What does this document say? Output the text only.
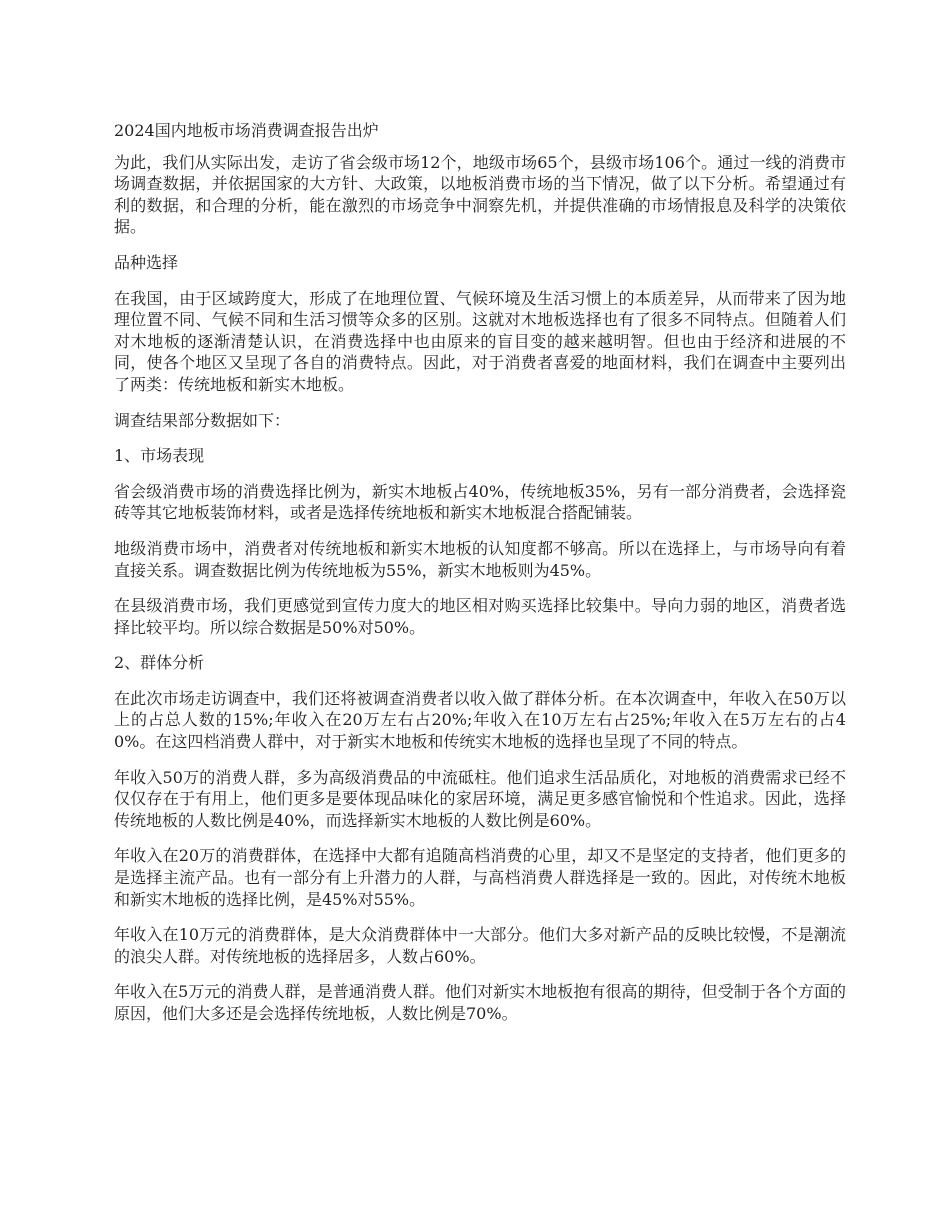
2024国内地板市场消费调查报告出炉

为此，我们从实际出发，走访了省会级市场12个，地级市场65个，县级市场106个。通过一线的消费市场调查数据，并依据国家的大方针、大政策，以地板消费市场的当下情况，做了以下分析。希望通过有利的数据，和合理的分析，能在激烈的市场竞争中洞察先机，并提供准确的市场情报息及科学的决策依据。

品种选择

在我国，由于区域跨度大，形成了在地理位置、气候环境及生活习惯上的本质差异，从而带来了因为地理位置不同、气候不同和生活习惯等众多的区别。这就对木地板选择也有了很多不同特点。但随着人们对木地板的逐渐清楚认识，在消费选择中也由原来的盲目变的越来越明智。但也由于经济和进展的不同，使各个地区又呈现了各自的消费特点。因此，对于消费者喜爱的地面材料，我们在调查中主要列出了两类：传统地板和新实木地板。

调查结果部分数据如下：
1、市场表现

省会级消费市场的消费选择比例为，新实木地板占40%，传统地板35%，另有一部分消费者，会选择瓷砖等其它地板装饰材料，或者是选择传统地板和新实木地板混合搭配铺装。

地级消费市场中，消费者对传统地板和新实木地板的认知度都不够高。所以在选择上，与市场导向有着直接关系。调查数据比例为传统地板为55%，新实木地板则为45%。

在县级消费市场，我们更感觉到宣传力度大的地区相对购买选择比较集中。导向力弱的地区，消费者选择比较平均。所以综合数据是50%对50%。

2、群体分析

在此次市场走访调查中，我们还将被调查消费者以收入做了群体分析。在本次调查中，年收入在50万以上的占总人数的15%;年收入在20万左右占20%;年收入在10万左右占25%;年收入在5万左右的占40%。在这四档消费人群中，对于新实木地板和传统实木地板的选择也呈现了不同的特点。

年收入50万的消费人群，多为高级消费品的中流砥柱。他们追求生活品质化，对地板的消费需求已经不仅仅存在于有用上，他们更多是要体现品味化的家居环境，满足更多感官愉悦和个性追求。因此，选择传统地板的人数比例是40%，而选择新实木地板的人数比例是60%。

年收入在20万的消费群体，在选择中大都有追随高档消费的心里，却又不是坚定的支持者，他们更多的是选择主流产品。也有一部分有上升潜力的人群，与高档消费人群选择是一致的。因此，对传统木地板和新实木地板的选择比例，是45%对55%。

年收入在10万元的消费群体，是大众消费群体中一大部分。他们大多对新产品的反映比较慢，不是潮流的浪尖人群。对传统地板的选择居多，人数占60%。

年收入在5万元的消费人群，是普通消费人群。他们对新实木地板抱有很高的期待，但受制于各个方面的原因，他们大多还是会选择传统地板，人数比例是70%。
